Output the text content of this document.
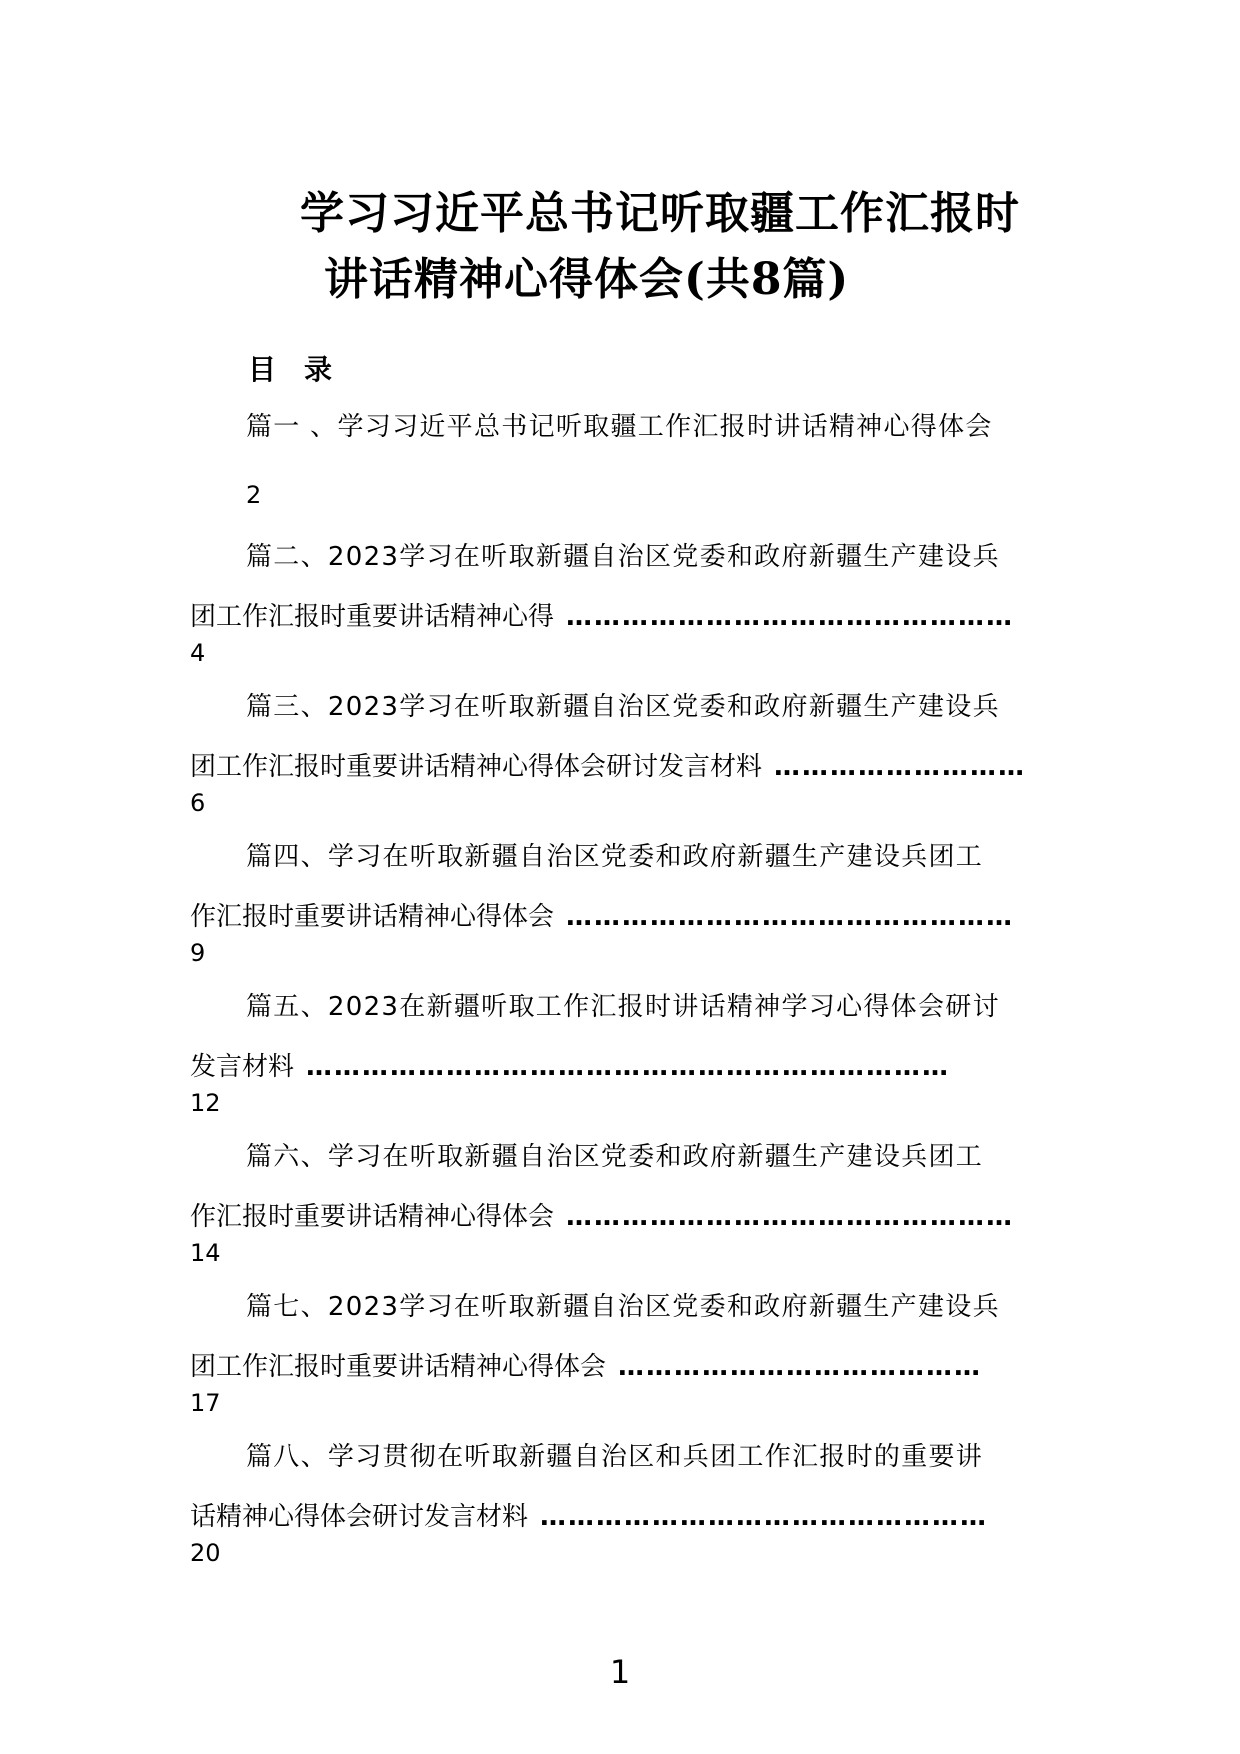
学习习近平总书记听取疆工作汇报时
讲话精神心得体会(共8篇)
目　录
篇一 、学习习近平总书记听取疆工作汇报时讲话精神心得体会
2
篇二、2023学习在听取新疆自治区党委和政府新疆生产建设兵
团工作汇报时重要讲话精神心得 …………………………………………
4
篇三、2023学习在听取新疆自治区党委和政府新疆生产建设兵
团工作汇报时重要讲话精神心得体会研讨发言材料 ………………………
6
篇四、学习在听取新疆自治区党委和政府新疆生产建设兵团工
作汇报时重要讲话精神心得体会 …………………………………………
9
篇五、2023在新疆听取工作汇报时讲话精神学习心得体会研讨
发言材料 ……………………………………………………………
12
篇六、学习在听取新疆自治区党委和政府新疆生产建设兵团工
作汇报时重要讲话精神心得体会 …………………………………………
14
篇七、2023学习在听取新疆自治区党委和政府新疆生产建设兵
团工作汇报时重要讲话精神心得体会 …………………………………
17
篇八、学习贯彻在听取新疆自治区和兵团工作汇报时的重要讲
话精神心得体会研讨发言材料 …………………………………………
20
1
